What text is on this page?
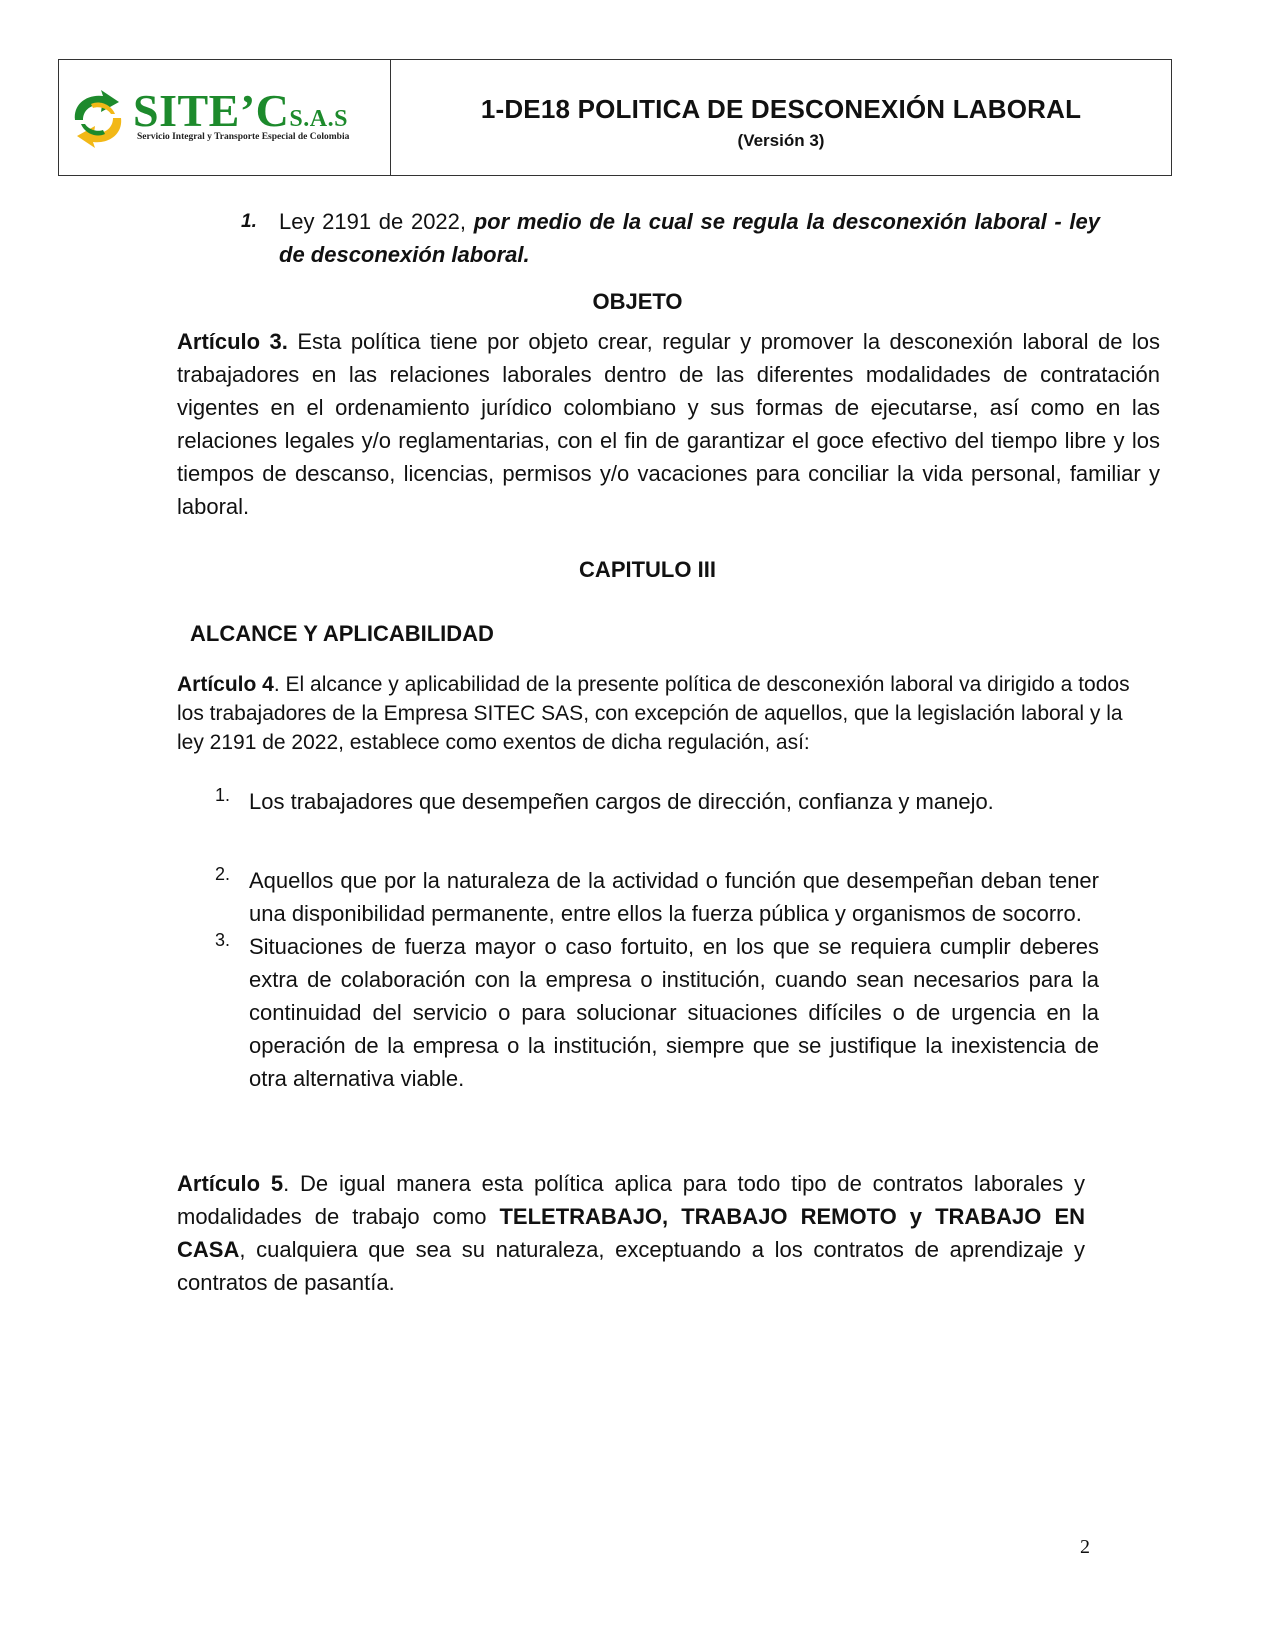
SITE’CS.A.S
Servicio Integral y Transporte Especial de Colombia
1-DE18 POLITICA DE DESCONEXIÓN LABORAL
(Versión 3)
1. Ley 2191 de 2022, por medio de la cual se regula la desconexión laboral - ley de desconexión laboral.

OBJETO

Artículo 3. Esta política tiene por objeto crear, regular y promover la desconexión laboral de los trabajadores en las relaciones laborales dentro de las diferentes modalidades de contratación vigentes en el ordenamiento jurídico colombiano y sus formas de ejecutarse, así como en las relaciones legales y/o reglamentarias, con el fin de garantizar el goce efectivo del tiempo libre y los tiempos de descanso, licencias, permisos y/o vacaciones para conciliar la vida personal, familiar y laboral.

CAPITULO III
ALCANCE Y APLICABILIDAD

Artículo 4. El alcance y aplicabilidad de la presente política de desconexión laboral va dirigido a todos los trabajadores de la Empresa SITEC SAS, con excepción de aquellos, que la legislación laboral y la ley 2191 de 2022, establece como exentos de dicha regulación, así:

1. Los trabajadores que desempeñen cargos de dirección, confianza y manejo.

2. Aquellos que por la naturaleza de la actividad o función que desempeñan deban tener una disponibilidad permanente, entre ellos la fuerza pública y organismos de socorro.

3. Situaciones de fuerza mayor o caso fortuito, en los que se requiera cumplir deberes extra de colaboración con la empresa o institución, cuando sean necesarios para la continuidad del servicio o para solucionar situaciones difíciles o de urgencia en la operación de la empresa o la institución, siempre que se justifique la inexistencia de otra alternativa viable.

Artículo 5. De igual manera esta política aplica para todo tipo de contratos laborales y modalidades de trabajo como TELETRABAJO, TRABAJO REMOTO y TRABAJO EN CASA, cualquiera que sea su naturaleza, exceptuando a los contratos de aprendizaje y contratos de pasantía.

2
